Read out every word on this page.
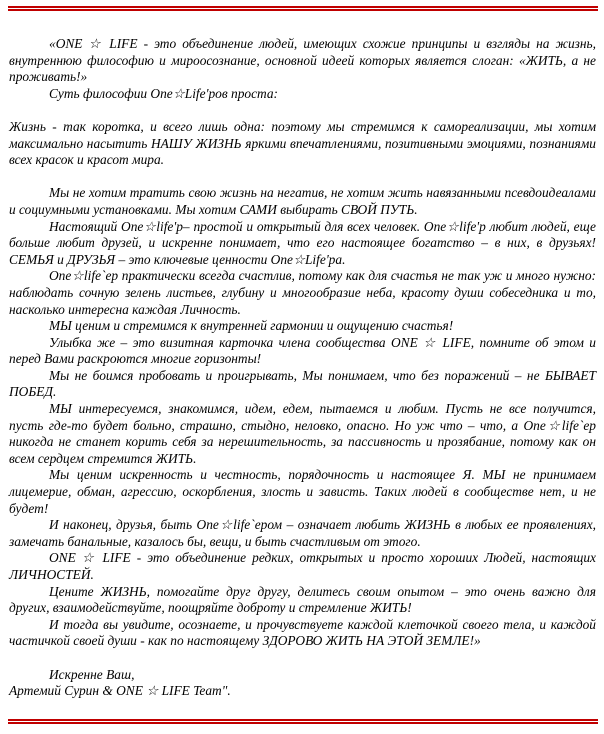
«ONE ☆ LIFE - это объединение людей, имеющих схожие принципы и взгляды на жизнь, внутреннюю философию и мироосознание, основной идеей которых является слоган: «ЖИТЬ, а не проживать!»

Суть философии One☆Life'ров проста:

Жизнь - так коротка, и всего лишь одна: поэтому мы стремимся к самореализации, мы хотим максимально насытить НАШУ ЖИЗНЬ яркими впечатлениями, позитивными эмоциями, познаниями всех красок и красот мира.

Мы не хотим тратить свою жизнь на негатив, не хотим жить навязанными псевдоидеалами и социумными установками. Мы хотим САМИ выбирать СВОЙ ПУТЬ.

Настоящий One☆life'р– простой и открытый для всех человек. One☆life'р любит людей, еще больше любит друзей, и искренне понимает, что его настоящее богатство – в них, в друзьях! СЕМЬЯ и ДРУЗЬЯ – это ключевые ценности One☆Life'ра.

One☆life`ер практически всегда счастлив, потому как для счастья не так уж и много нужно: наблюдать сочную зелень листьев, глубину и многообразие неба, красоту души собеседника и то, насколько интересна каждая Личность.

МЫ ценим и стремимся к внутренней гармонии и ощущению счастья!

Улыбка же – это визитная карточка члена сообщества ONE ☆ LIFE, помните об этом и перед Вами раскроются многие горизонты!

Мы не боимся пробовать и проигрывать, Мы понимаем, что без поражений – не БЫВАЕТ ПОБЕД.

МЫ интересуемся, знакомимся, идем, едем, пытаемся и любим. Пусть не все получится, пусть где-то будет больно, страшно, стыдно, неловко, опасно. Но уж что – что, а One☆life`ер никогда не станет корить себя за нерешительность, за пассивность и прозябание, потому как он всем сердцем стремится ЖИТЬ.

Мы ценим искренность и честность, порядочность и настоящее Я. МЫ не принимаем лицемерие, обман, агрессию, оскорбления, злость и зависть. Таких людей в сообществе нет, и не будет!

И наконец, друзья, быть One☆life`ером – означает любить ЖИЗНЬ в любых ее проявлениях, замечать банальные, казалось бы, вещи, и быть счастливым от этого.

ONE ☆ LIFE - это объединение редких, открытых и просто хороших Людей, настоящих ЛИЧНОСТЕЙ.

Цените ЖИЗНЬ, помогайте друг другу, делитесь своим опытом – это очень важно для других, взаимодействуйте, поощряйте доброту и стремление ЖИТЬ!

И тогда вы увидите, осознаете, и прочувствуете каждой клеточкой своего тела, и каждой частичкой своей души - как по настоящему ЗДОРОВО ЖИТЬ НА ЭТОЙ ЗЕМЛЕ!»

Искренне Ваш,

Артемий Сурин & ONE ☆ LIFE Team".
